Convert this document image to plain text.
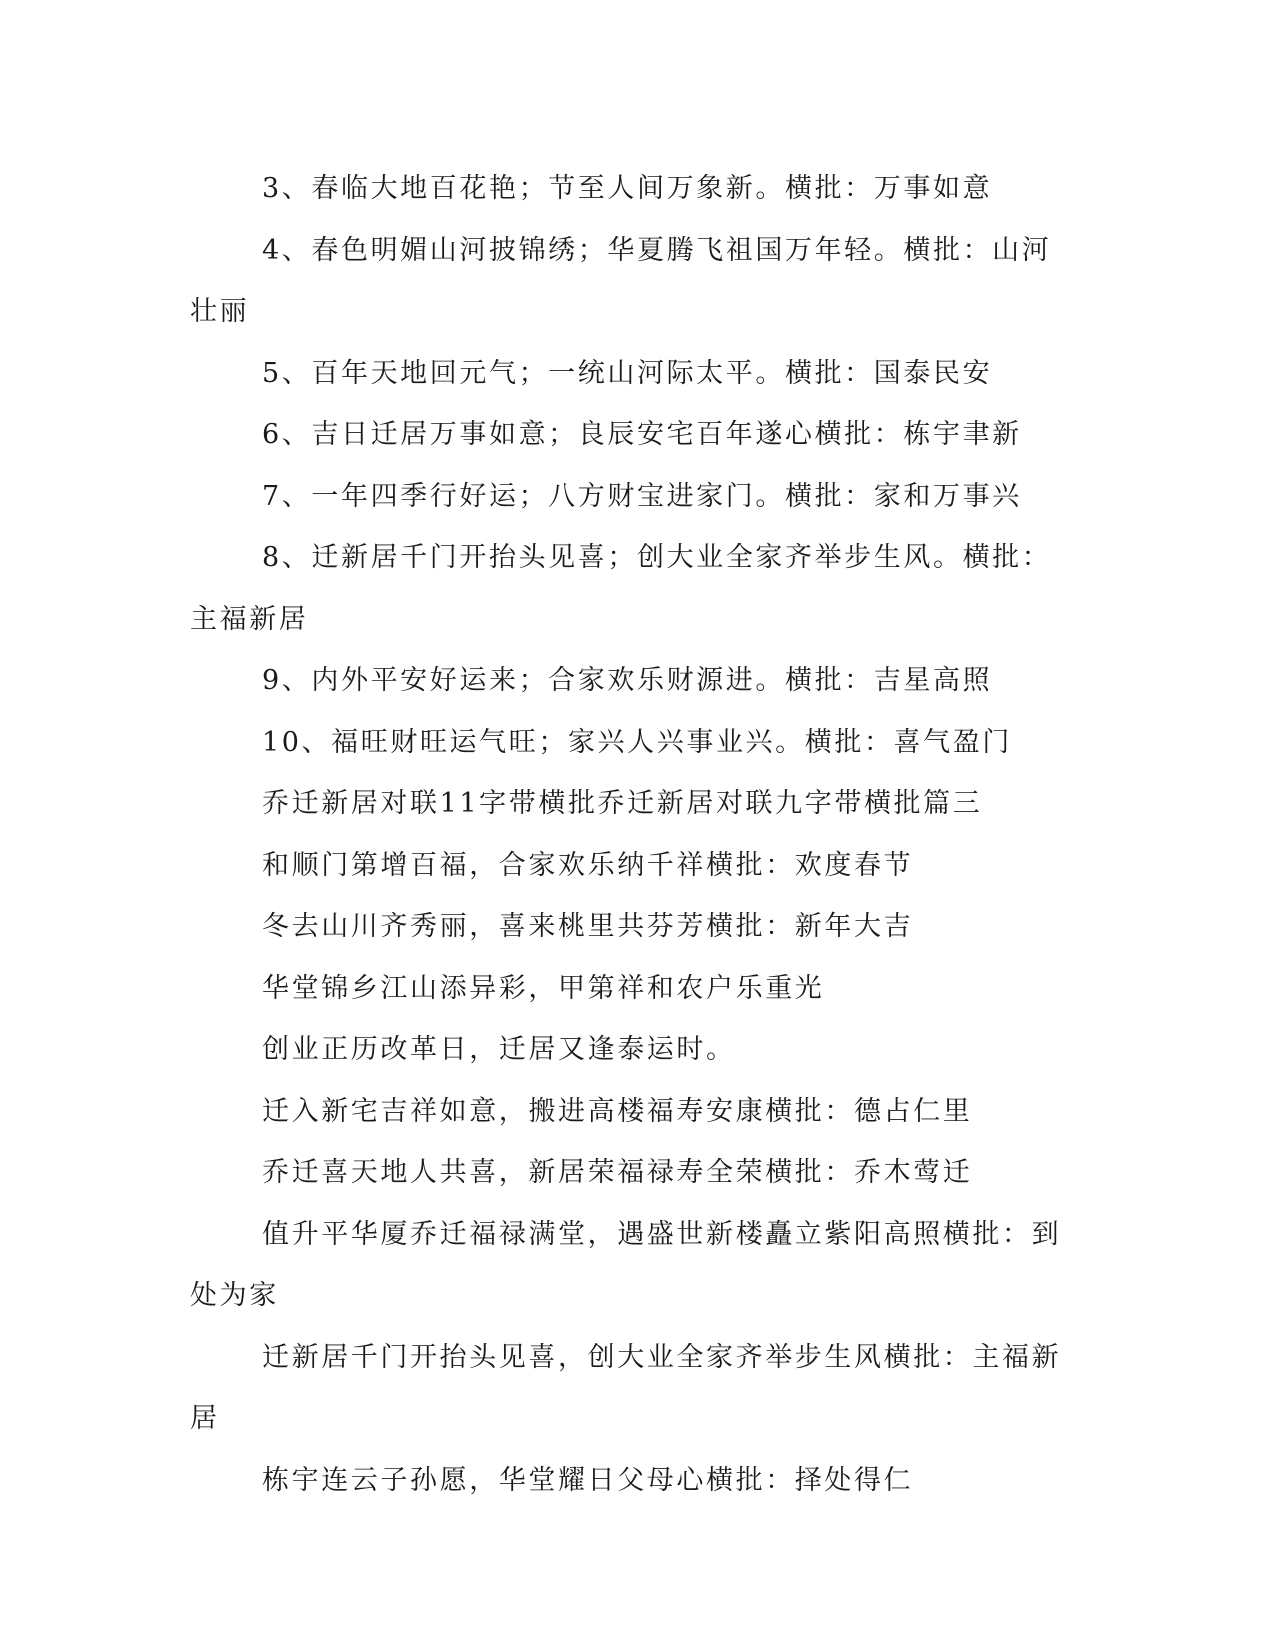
3、春临大地百花艳；节至人间万象新。横批：万事如意

4、春色明媚山河披锦绣；华夏腾飞祖国万年轻。横批：山河壮丽

5、百年天地回元气；一统山河际太平。横批：国泰民安

6、吉日迁居万事如意；良辰安宅百年遂心横批：栋宇聿新

7、一年四季行好运；八方财宝进家门。横批：家和万事兴

8、迁新居千门开抬头见喜；创大业全家齐举步生风。横批：主福新居

9、内外平安好运来；合家欢乐财源进。横批：吉星高照

10、福旺财旺运气旺；家兴人兴事业兴。横批：喜气盈门

乔迁新居对联11字带横批乔迁新居对联九字带横批篇三

和顺门第增百福，合家欢乐纳千祥横批：欢度春节

冬去山川齐秀丽，喜来桃里共芬芳横批：新年大吉

华堂锦乡江山添异彩，甲第祥和农户乐重光

创业正历改革日，迁居又逢泰运时。

迁入新宅吉祥如意，搬进高楼福寿安康横批：德占仁里

乔迁喜天地人共喜，新居荣福禄寿全荣横批：乔木莺迁

值升平华厦乔迁福禄满堂，遇盛世新楼矗立紫阳高照横批：到处为家

迁新居千门开抬头见喜，创大业全家齐举步生风横批：主福新居

栋宇连云子孙愿，华堂耀日父母心横批：择处得仁
